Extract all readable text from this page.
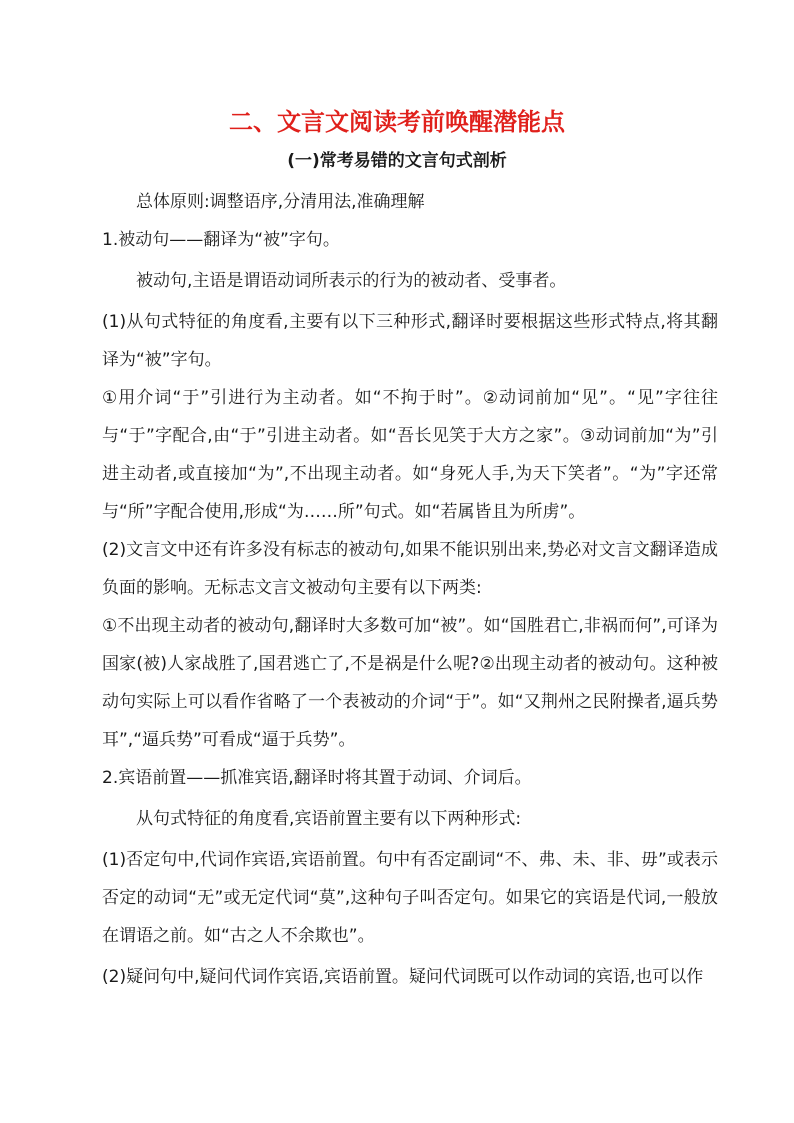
二、文言文阅读考前唤醒潜能点
(一)常考易错的文言句式剖析

总体原则:调整语序,分清用法,准确理解

1.被动句——翻译为“被”字句。

被动句,主语是谓语动词所表示的行为的被动者、受事者。

(1)从句式特征的角度看,主要有以下三种形式,翻译时要根据这些形式特点,将其翻译为“被”字句。

①用介词“于”引进行为主动者。如“不拘于时”。②动词前加“见”。“见”字往往与“于”字配合,由“于”引进主动者。如“吾长见笑于大方之家”。③动词前加“为”引进主动者,或直接加“为”,不出现主动者。如“身死人手,为天下笑者”。“为”字还常与“所”字配合使用,形成“为……所”句式。如“若属皆且为所虏”。

(2)文言文中还有许多没有标志的被动句,如果不能识别出来,势必对文言文翻译造成负面的影响。无标志文言文被动句主要有以下两类:

①不出现主动者的被动句,翻译时大多数可加“被”。如“国胜君亡,非祸而何”,可译为国家(被)人家战胜了,国君逃亡了,不是祸是什么呢?②出现主动者的被动句。这种被动句实际上可以看作省略了一个表被动的介词“于”。如“又荆州之民附操者,逼兵势耳”,“逼兵势”可看成“逼于兵势”。

2.宾语前置——抓准宾语,翻译时将其置于动词、介词后。

从句式特征的角度看,宾语前置主要有以下两种形式:

(1)否定句中,代词作宾语,宾语前置。句中有否定副词“不、弗、未、非、毋”或表示否定的动词“无”或无定代词“莫”,这种句子叫否定句。如果它的宾语是代词,一般放在谓语之前。如“古之人不余欺也”。

(2)疑问句中,疑问代词作宾语,宾语前置。疑问代词既可以作动词的宾语,也可以作
